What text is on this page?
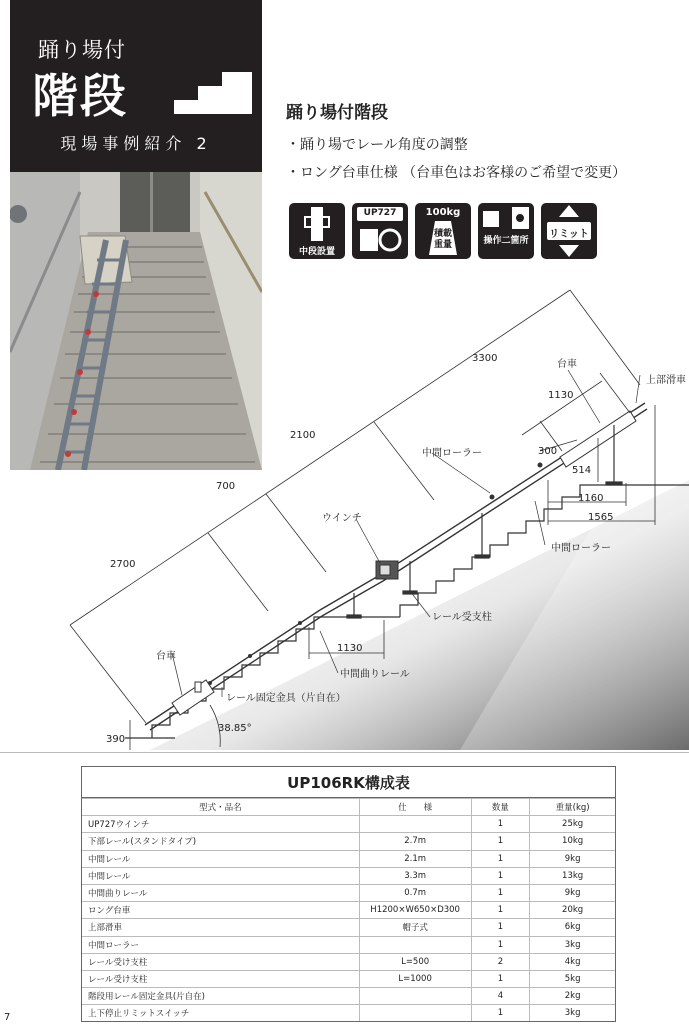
踊り場付
階段
現場事例紹介 2
踊り場付階段
・踊り場でレール角度の調整
・ロング台車仕様 （台車色はお客様のご希望で変更）
中段設置
UP727	100kg
積載重量	操作二箇所
リミット
3300
2100
700
2700
1130
300
514
1160
1565
1130
390
38.85°
台車
台車
上部滑車
中間ローラー
中間ローラー
ウインチ
レール受支柱
中間曲りレール
レール固定金具（片自在）
UP106RK構成表
型式・品名	仕　　様	数量	重量(kg)
UP727ウインチ		1	25kg
下部レール(スタンドタイプ)	2.7m	1	10kg
中間レール	2.1m	1	9kg
中間レール	3.3m	1	13kg
中間曲りレール	0.7m	1	9kg
ロング台車	H1200×W650×D300	1	20kg
上部滑車	帽子式	1	6kg
中間ローラー		1	3kg
レール受け支柱	L=500	2	4kg
レール受け支柱	L=1000	1	5kg
階段用レール固定金具(片自在)		4	2kg
上下停止リミットスイッチ		1	3kg
7
